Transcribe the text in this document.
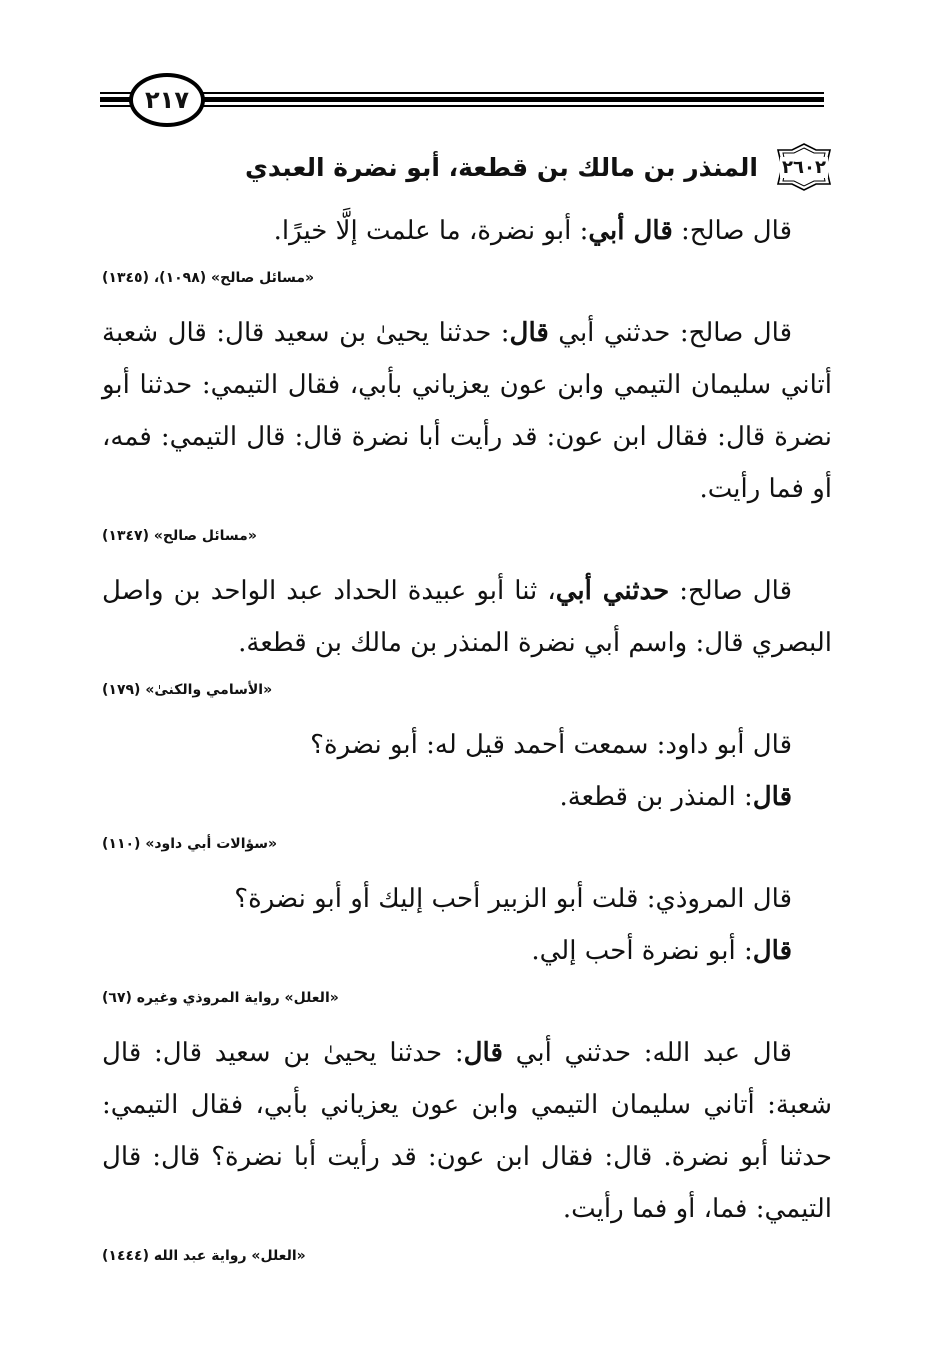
٢١٧
٢٦٠٢
المنذر بن مالك بن قطعة، أبو نضرة العبدي

قال صالح: قال أبي: أبو نضرة، ما علمت إلَّا خيرًا.

«مسائل صالح» (١٠٩٨)، (١٣٤٥)

قال صالح: حدثني أبي قال: حدثنا يحيىٰ بن سعيد قال: قال شعبة أتاني سليمان التيمي وابن عون يعزياني بأبي، فقال التيمي: حدثنا أبو نضرة قال: فقال ابن عون: قد رأيت أبا نضرة قال: قال التيمي: فمه، أو فما رأيت.

«مسائل صالح» (١٣٤٧)

قال صالح: حدثني أبي، ثنا أبو عبيدة الحداد عبد الواحد بن واصل البصري قال: واسم أبي نضرة المنذر بن مالك بن قطعة.

«الأسامي والكنىٰ» (١٧٩)

قال أبو داود: سمعت أحمد قيل له: أبو نضرة؟

قال: المنذر بن قطعة.

«سؤالات أبي داود» (١١٠)

قال المروذي: قلت أبو الزبير أحب إليك أو أبو نضرة؟

قال: أبو نضرة أحب إلي.

«العلل» رواية المروذي وغيره (٦٧)

قال عبد الله: حدثني أبي قال: حدثنا يحيىٰ بن سعيد قال: قال شعبة: أتاني سليمان التيمي وابن عون يعزياني بأبي، فقال التيمي: حدثنا أبو نضرة. قال: فقال ابن عون: قد رأيت أبا نضرة؟ قال: قال التيمي: فما، أو فما رأيت.

«العلل» رواية عبد الله (١٤٤٤)
